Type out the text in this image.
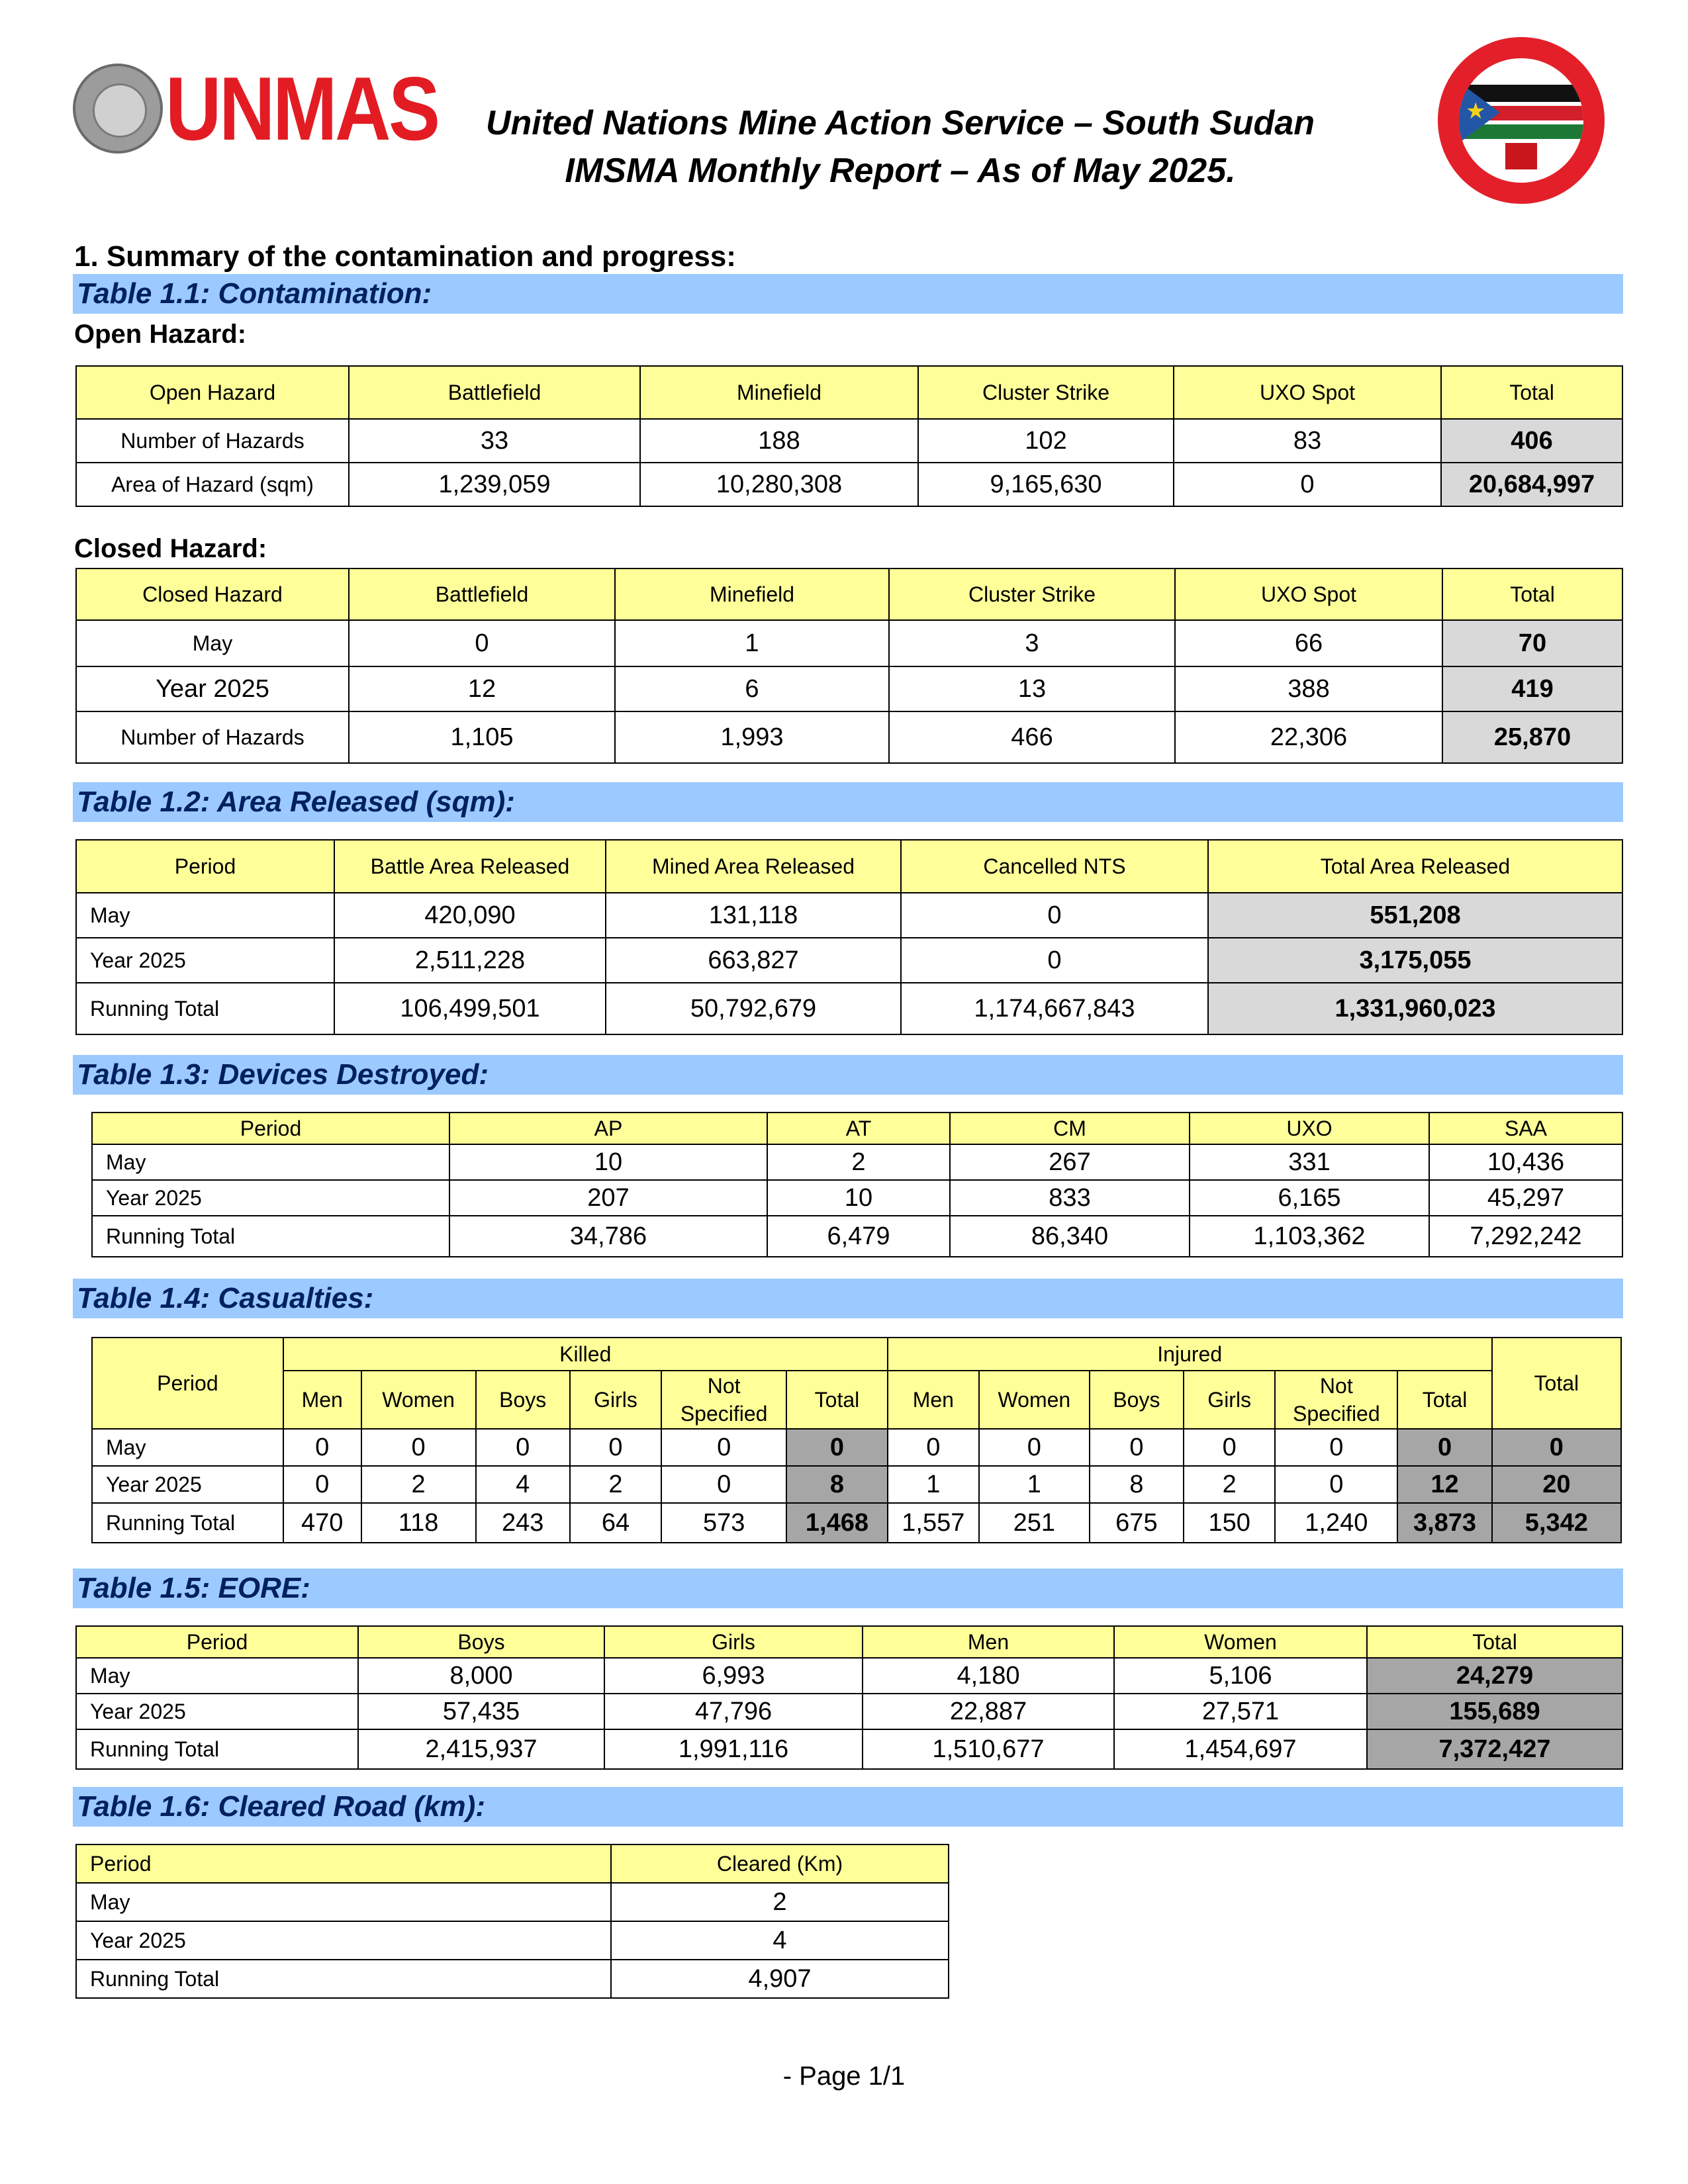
UNMAS	United Nations Mine Action Service – South Sudan
IMSMA Monthly Report – As of May 2025.
★
1. Summary of the contamination and progress:
Table 1.1: Contamination:
Open Hazard:
Open Hazard	Battlefield	Minefield	Cluster Strike	UXO Spot	Total
Number of Hazards	33	188	102	83	406
Area of Hazard (sqm)	1,239,059	10,280,308	9,165,630	0	20,684,997
Closed Hazard:
Closed Hazard	Battlefield	Minefield	Cluster Strike	UXO Spot	Total
May	0	1	3	66	70
Year 2025	12	6	13	388	419
Number of Hazards	1,105	1,993	466	22,306	25,870
Table 1.2: Area Released (sqm):
Period	Battle Area Released	Mined Area Released	Cancelled NTS	Total Area Released
May	420,090	131,118	0	551,208
Year 2025	2,511,228	663,827	0	3,175,055
Running Total	106,499,501	50,792,679	1,174,667,843	1,331,960,023
Table 1.3: Devices Destroyed:
Period	AP	AT	CM	UXO	SAA
May	10	2	267	331	10,436
Year 2025	207	10	833	6,165	45,297
Running Total	34,786	6,479	86,340	1,103,362	7,292,242
Table 1.4: Casualties:
Period	Killed						Injured						Total
	Men	Women	Boys	Girls	Not Specified	Total	Men	Women	Boys	Girls	Not Specified	Total	
May	0	0	0	0	0	0	0	0	0	0	0	0	0
Year 2025	0	2	4	2	0	8	1	1	8	2	0	12	20
Running Total	470	118	243	64	573	1,468	1,557	251	675	150	1,240	3,873	5,342
Table 1.5: EORE:
Period	Boys	Girls	Men	Women	Total
May	8,000	6,993	4,180	5,106	24,279
Year 2025	57,435	47,796	22,887	27,571	155,689
Running Total	2,415,937	1,991,116	1,510,677	1,454,697	7,372,427
Table 1.6: Cleared Road (km):
Period	Cleared (Km)
May	2
Year 2025	4
Running Total	4,907
- Page 1/1
